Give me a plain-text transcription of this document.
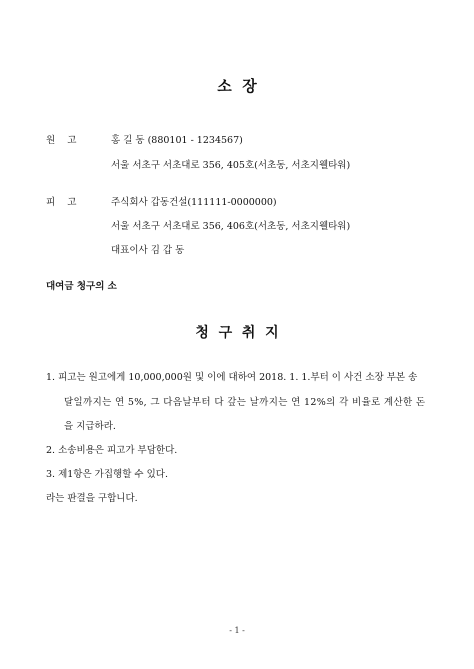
소  장
원    고	홍 길 동 (880101 - 1234567)
서울 서초구 서초대로 356, 405호(서초동, 서초지웰타워)
피    고	주식회사 갑동건설(111111-0000000)
서울 서초구 서초대로 356, 406호(서초동, 서초지웰타워)
대표이사 김 갑 동
대여금 청구의 소
청  구  취  지
1. 피고는 원고에게 10,000,000원 및 이에 대하여 2018. 1. 1.부터 이 사건 소장 부본 송
달일까지는 연 5%, 그 다음날부터 다 갚는 날까지는 연 12%의 각 비율로 계산한 돈
을 지급하라.
2. 소송비용은 피고가 부담한다.
3. 제1항은 가집행할 수 있다.
라는 판결을 구합니다.
- 1 -
